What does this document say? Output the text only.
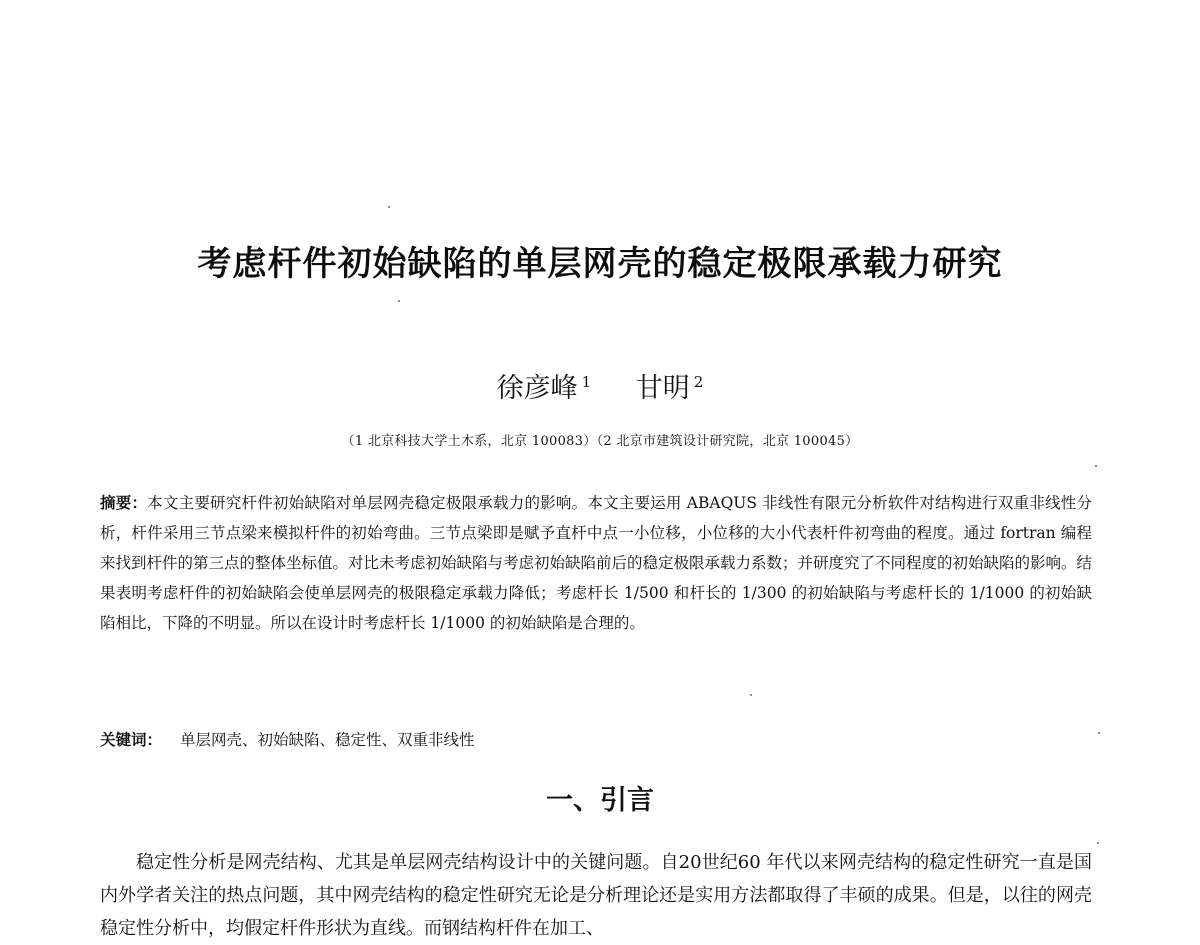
考虑杆件初始缺陷的单层网壳的稳定极限承载力研究
徐彦峰 $^1$ 甘明 $^2$
（1 北京科技大学土木系，北京 100083）（2 北京市建筑设计研究院，北京 100045）
摘要：本文主要研究杆件初始缺陷对单层网壳稳定极限承载力的影响。本文主要运用 ABAQUS 非线性有限元分析软件对结构进行双重非线性分析，杆件采用三节点梁来模拟杆件的初始弯曲。三节点梁即是赋予直杆中点一小位移，小位移的大小代表杆件初弯曲的程度。通过 fortran 编程来找到杆件的第三点的整体坐标值。对比未考虑初始缺陷与考虑初始缺陷前后的稳定极限承载力系数；并研度究了不同程度的初始缺陷的影响。结果表明考虑杆件的初始缺陷会使单层网壳的极限稳定承载力降低；考虑杆长 1/500 和杆长的 1/300 的初始缺陷与考虑杆长的 1/1000 的初始缺陷相比，下降的不明显。所以在设计时考虑杆长 1/1000 的初始缺陷是合理的。
关键词： 单层网壳、初始缺陷、稳定性、双重非线性
一、引言
稳定性分析是网壳结构、尤其是单层网壳结构设计中的关键问题。自20世纪60 年代以来网壳结构的稳定性研究一直是国内外学者关注的热点问题，其中网壳结构的稳定性研究无论是分析理论还是实用方法都取得了丰硕的成果。但是，以往的网壳稳定性分析中，均假定杆件形状为直线。而钢结构杆件在加工、
